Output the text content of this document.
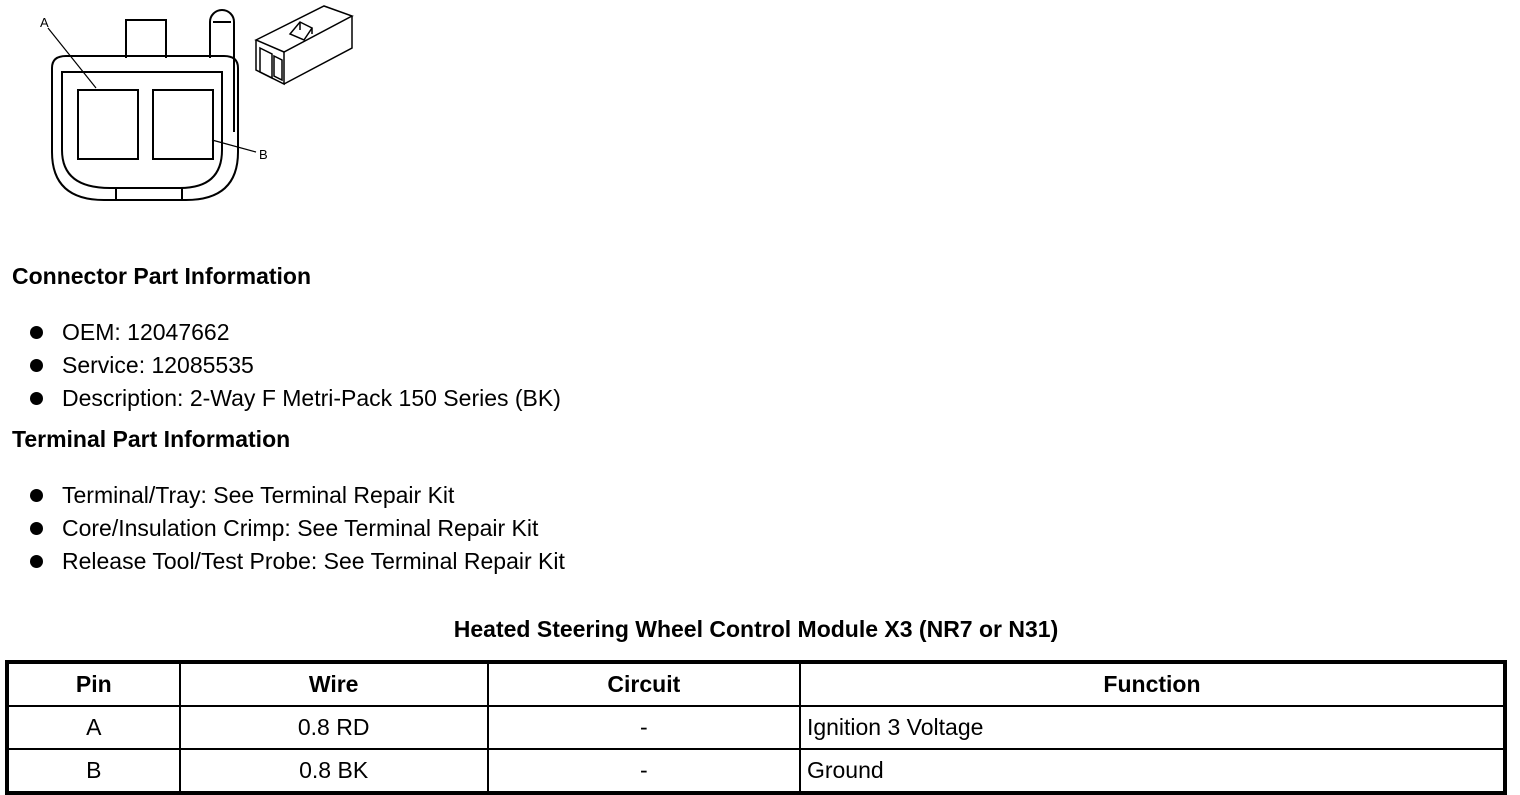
A
B
Connector Part Information
OEM: 12047662
Service: 12085535
Description: 2-Way F Metri-Pack 150 Series (BK)
Terminal Part Information
Terminal/Tray: See Terminal Repair Kit
Core/Insulation Crimp: See Terminal Repair Kit
Release Tool/Test Probe: See Terminal Repair Kit
Heated Steering Wheel Control Module X3 (NR7 or N31)
Pin	Wire	Circuit	Function
A	0.8 RD	-	Ignition 3 Voltage
B	0.8 BK	-	Ground
